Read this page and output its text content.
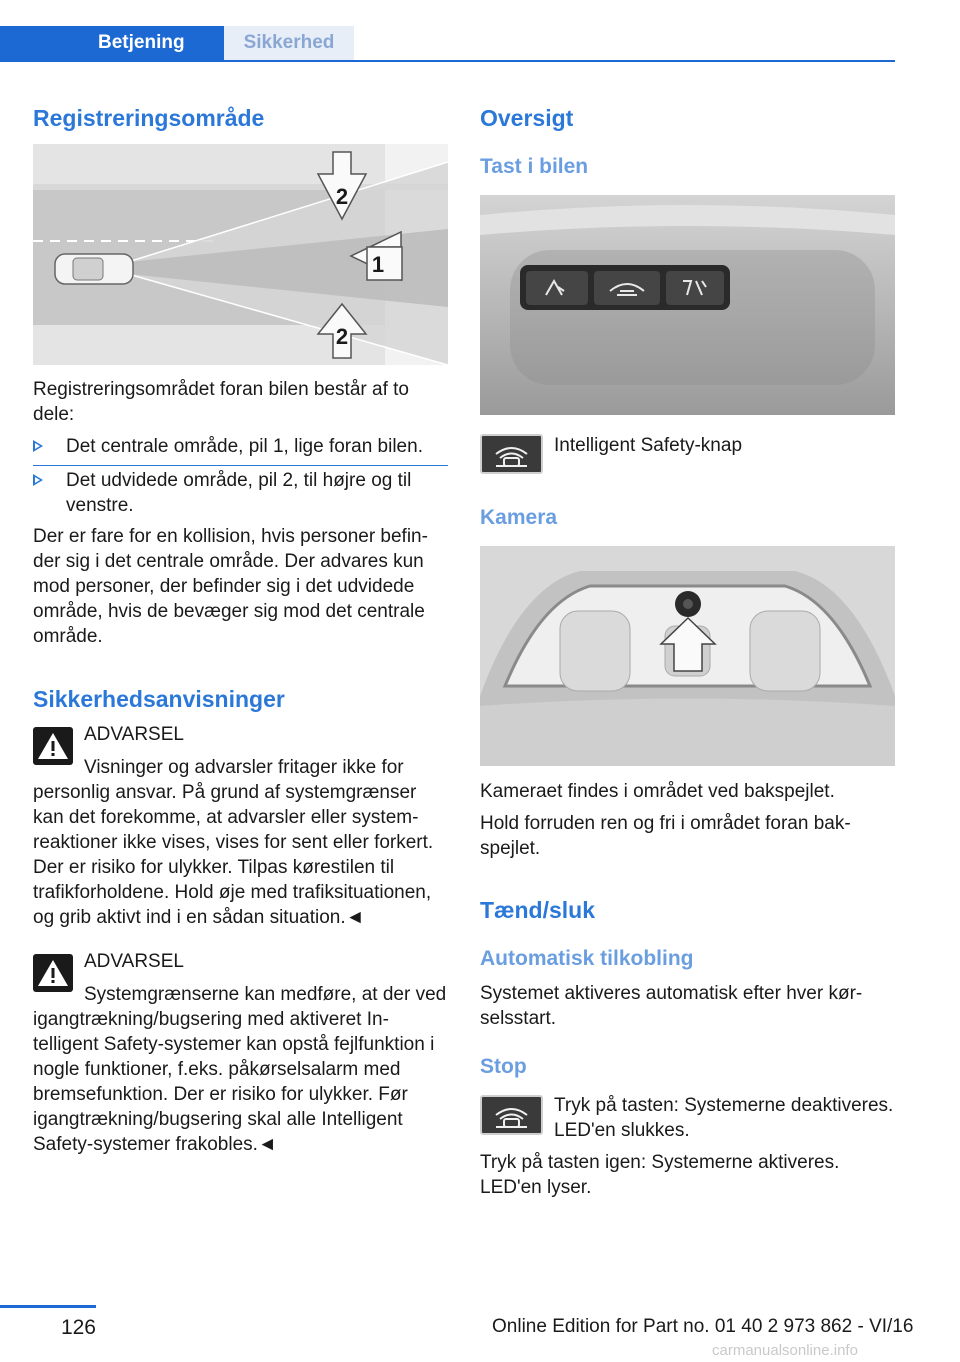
Betjening	Sikkerhed
Registreringsområde
2
1
2
Registreringsområdet foran bilen består af to dele:
Det centrale område, pil 1, lige foran bilen.
Det udvidede område, pil 2, til højre og til venstre.
Der er fare for en kollision, hvis personer befinder sig i det centrale område. Der advares kun mod personer, der befinder sig i det udvidede område, hvis de bevæger sig mod det centrale område.
Sikkerhedsanvisninger
ADVARSEL
Visninger og advarsler fritager ikke for personlig ansvar. På grund af systemgrænser kan det forekomme, at advarsler eller systemreaktioner ikke vises, vises for sent eller forkert. Der er risiko for ulykker. Tilpas kørestilen til trafikforholdene. Hold øje med trafiksituationen, og grib aktivt ind i en sådan situation.◄
ADVARSEL
Systemgrænserne kan medføre, at der ved igangtrækning/bugsering med aktiveret Intelligent Safety-systemer kan opstå fejlfunktion i nogle funktioner, f.eks. påkørselsalarm med bremsefunktion. Der er risiko for ulykker. Før igangtrækning/bugsering skal alle Intelligent Safety-systemer frakobles.◄
Oversigt
Tast i bilen
Intelligent Safety-knap
Kamera
Kameraet findes i området ved bakspejlet.
Hold forruden ren og fri i området foran bakspejlet.
Tænd/sluk
Automatisk tilkobling
Systemet aktiveres automatisk efter hver kørselsstart.
Stop
Tryk på tasten: Systemerne deaktiveres. LED'en slukkes.
Tryk på tasten igen: Systemerne aktiveres. LED'en lyser.
126	Online Edition for Part no. 01 40 2 973 862 - VI/16
carmanualsonline.info
